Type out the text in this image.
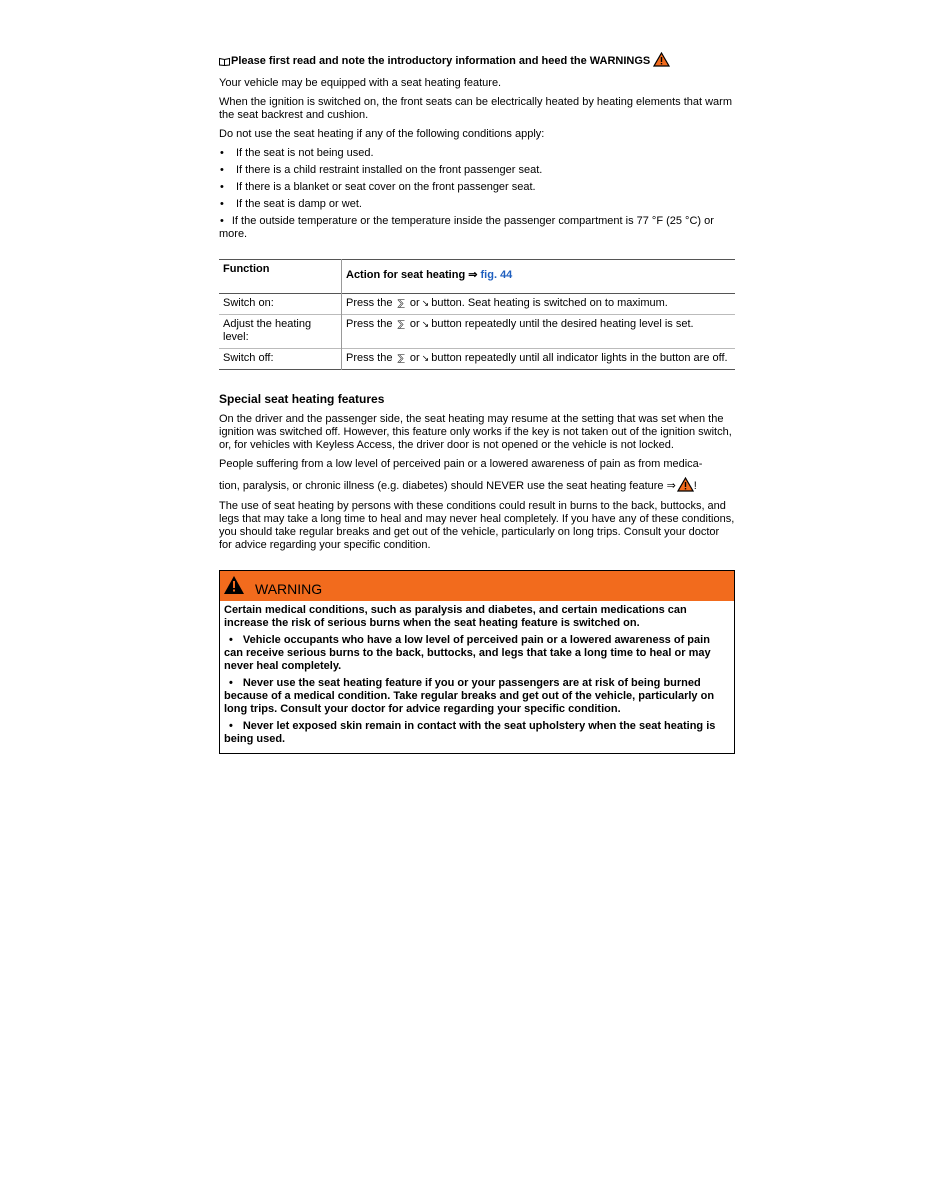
Please first read and note the introductory information and heed the WARNINGS

Your vehicle may be equipped with a seat heating feature.

When the ignition is switched on, the front seats can be electrically heated by heating elements that warm the seat backrest and cushion.

Do not use the seat heating if any of the following conditions apply:

• If the seat is not being used.
• If there is a child restraint installed on the front passenger seat.
• If there is a blanket or seat cover on the front passenger seat.
• If the seat is damp or wet.
• If the outside temperature or the temperature inside the passenger compartment is 77 °F (25 °C) or more.
Function	Action for seat heating ⇒ fig. 44
Switch on:	Press the ⅀ or ↘ button. Seat heating is switched on to maximum.
Adjust the heating level:	Press the ⅀ or ↘ button repeatedly until the desired heating level is set.
Switch off:	Press the ⅀ or ↘ button repeatedly until all indicator lights in the button are off.
Special seat heating features

On the driver and the passenger side, the seat heating may resume at the setting that was set when the ignition was switched off. However, this feature only works if the key is not taken out of the ignition switch, or, for vehicles with Keyless Access, the driver door is not opened or the vehicle is not locked.

People suffering from a low level of perceived pain or a lowered awareness of pain as from medica-
tion, paralysis, or chronic illness (e.g. diabetes) should NEVER use the seat heating feature ⇒ !

The use of seat heating by persons with these conditions could result in burns to the back, buttocks, and legs that may take a long time to heal and may never heal completely. If you have any of these conditions, you should take regular breaks and get out of the vehicle, particularly on long trips. Consult your doctor for advice regarding your specific condition.

WARNING

Certain medical conditions, such as paralysis and diabetes, and certain medications can increase the risk of serious burns when the seat heating feature is switched on.

• Vehicle occupants who have a low level of perceived pain or a lowered awareness of pain can receive serious burns to the back, buttocks, and legs that take a long time to heal or may never heal completely.

• Never use the seat heating feature if you or your passengers are at risk of being burned because of a medical condition. Take regular breaks and get out of the vehicle, particularly on long trips. Consult your doctor for advice regarding your specific condition.

• Never let exposed skin remain in contact with the seat upholstery when the seat heating is being used.
